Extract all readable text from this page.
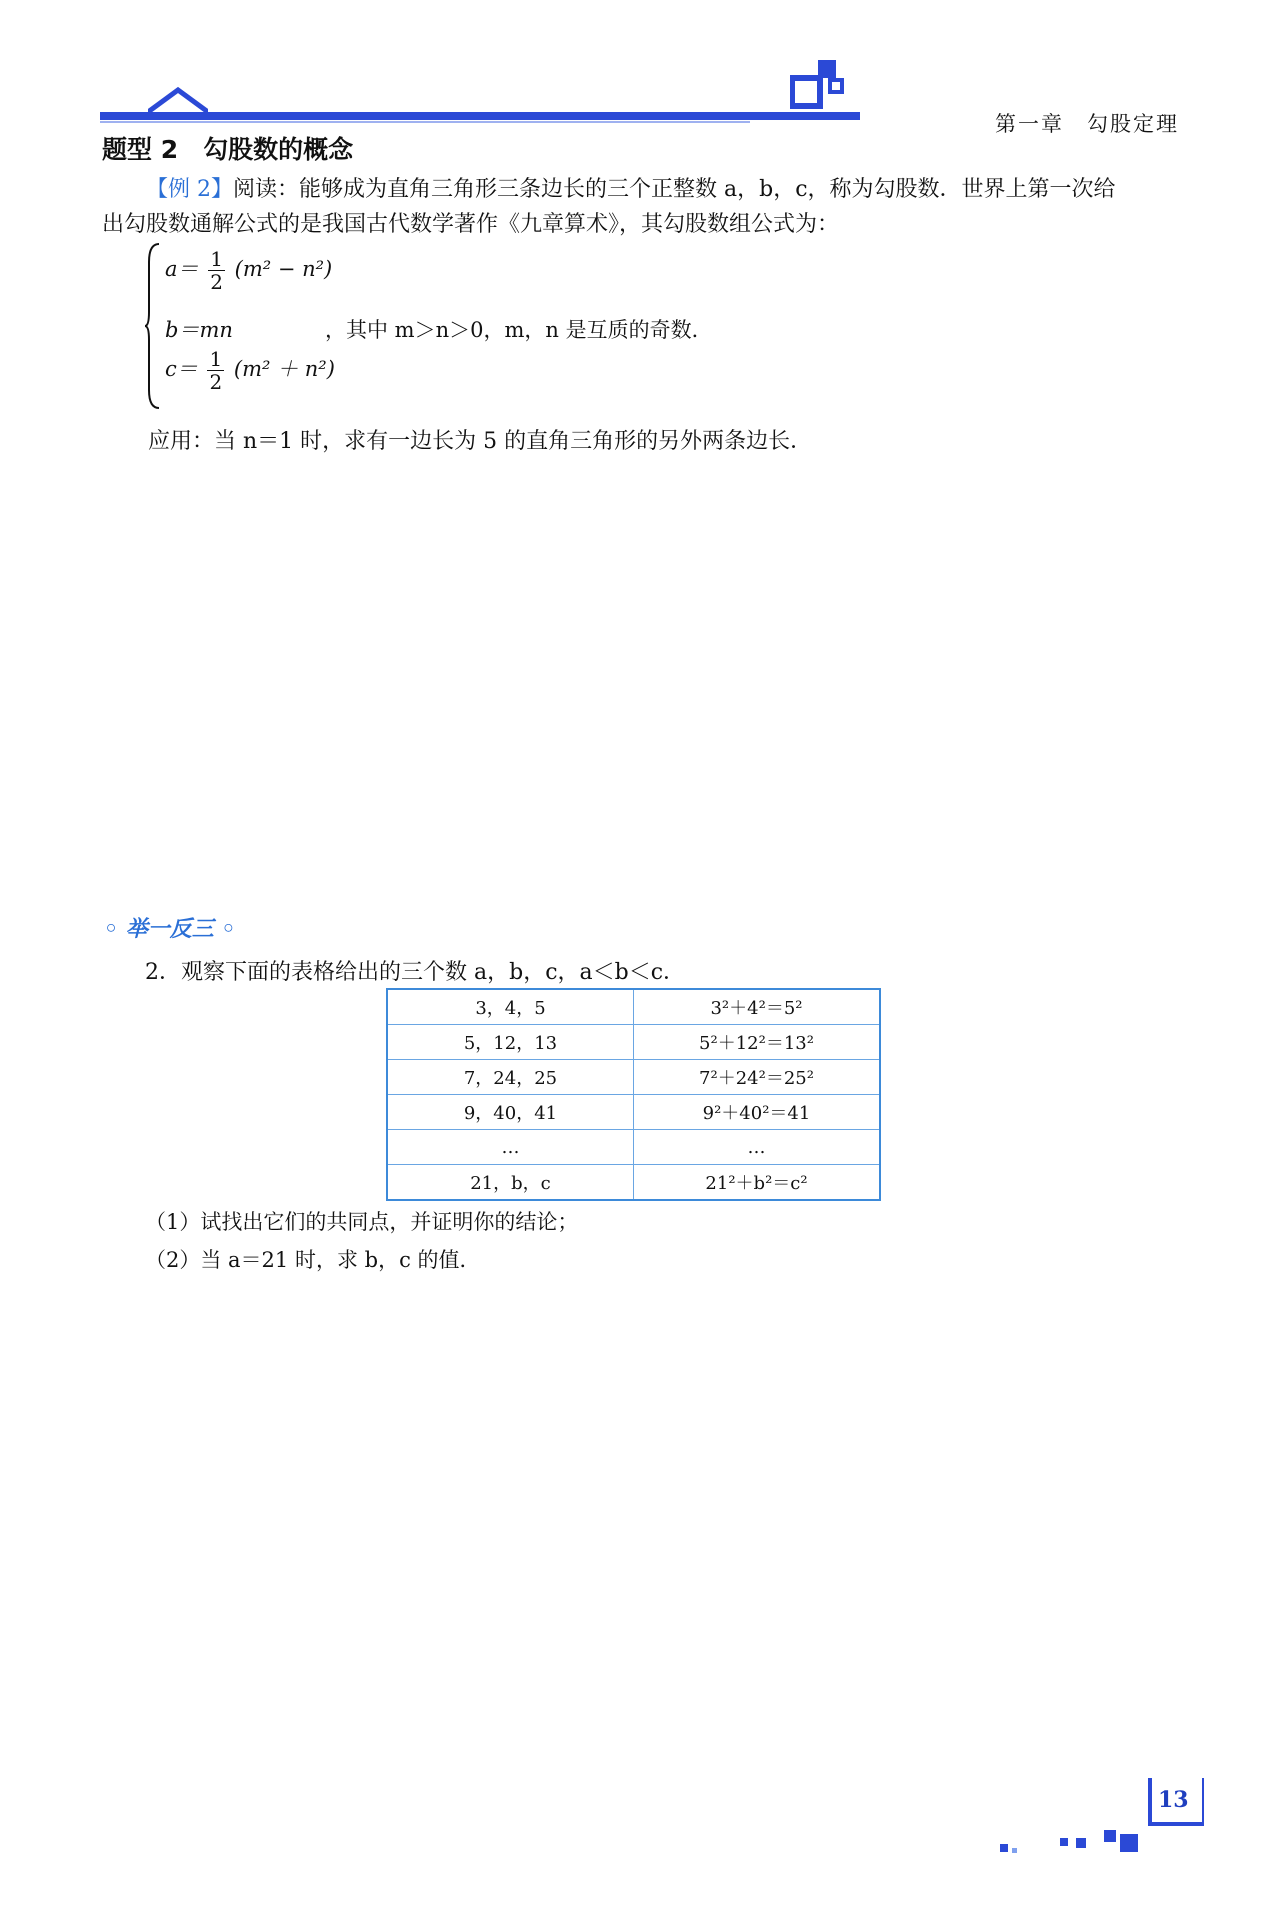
第一章　勾股定理
题型 2　勾股数的概念
【例 2】阅读：能够成为直角三角形三条边长的三个正整数 a，b，c，称为勾股数．世界上第一次给
出勾股数通解公式的是我国古代数学著作《九章算术》，其勾股数组公式为：
$a= \frac{1}{2} (m^2 - n^2)$
b＝mn	，其中 m＞n＞0，m，n 是互质的奇数．
$c= \frac{1}{2} (m^2 + n^2)$
应用：当 n＝1 时，求有一边长为 5 的直角三角形的另外两条边长．
◦ 举一反三 ◦
2．观察下面的表格给出的三个数 a，b，c，a＜b＜c．
3，4，5	3²＋4²＝5²
5，12，13	5²＋12²＝13²
7，24，25	7²＋24²＝25²
9，40，41	9²＋40²＝41
…	…
21，b，c	21²＋b²＝c²
（1）试找出它们的共同点，并证明你的结论；
（2）当 a＝21 时，求 b，c 的值．
13
